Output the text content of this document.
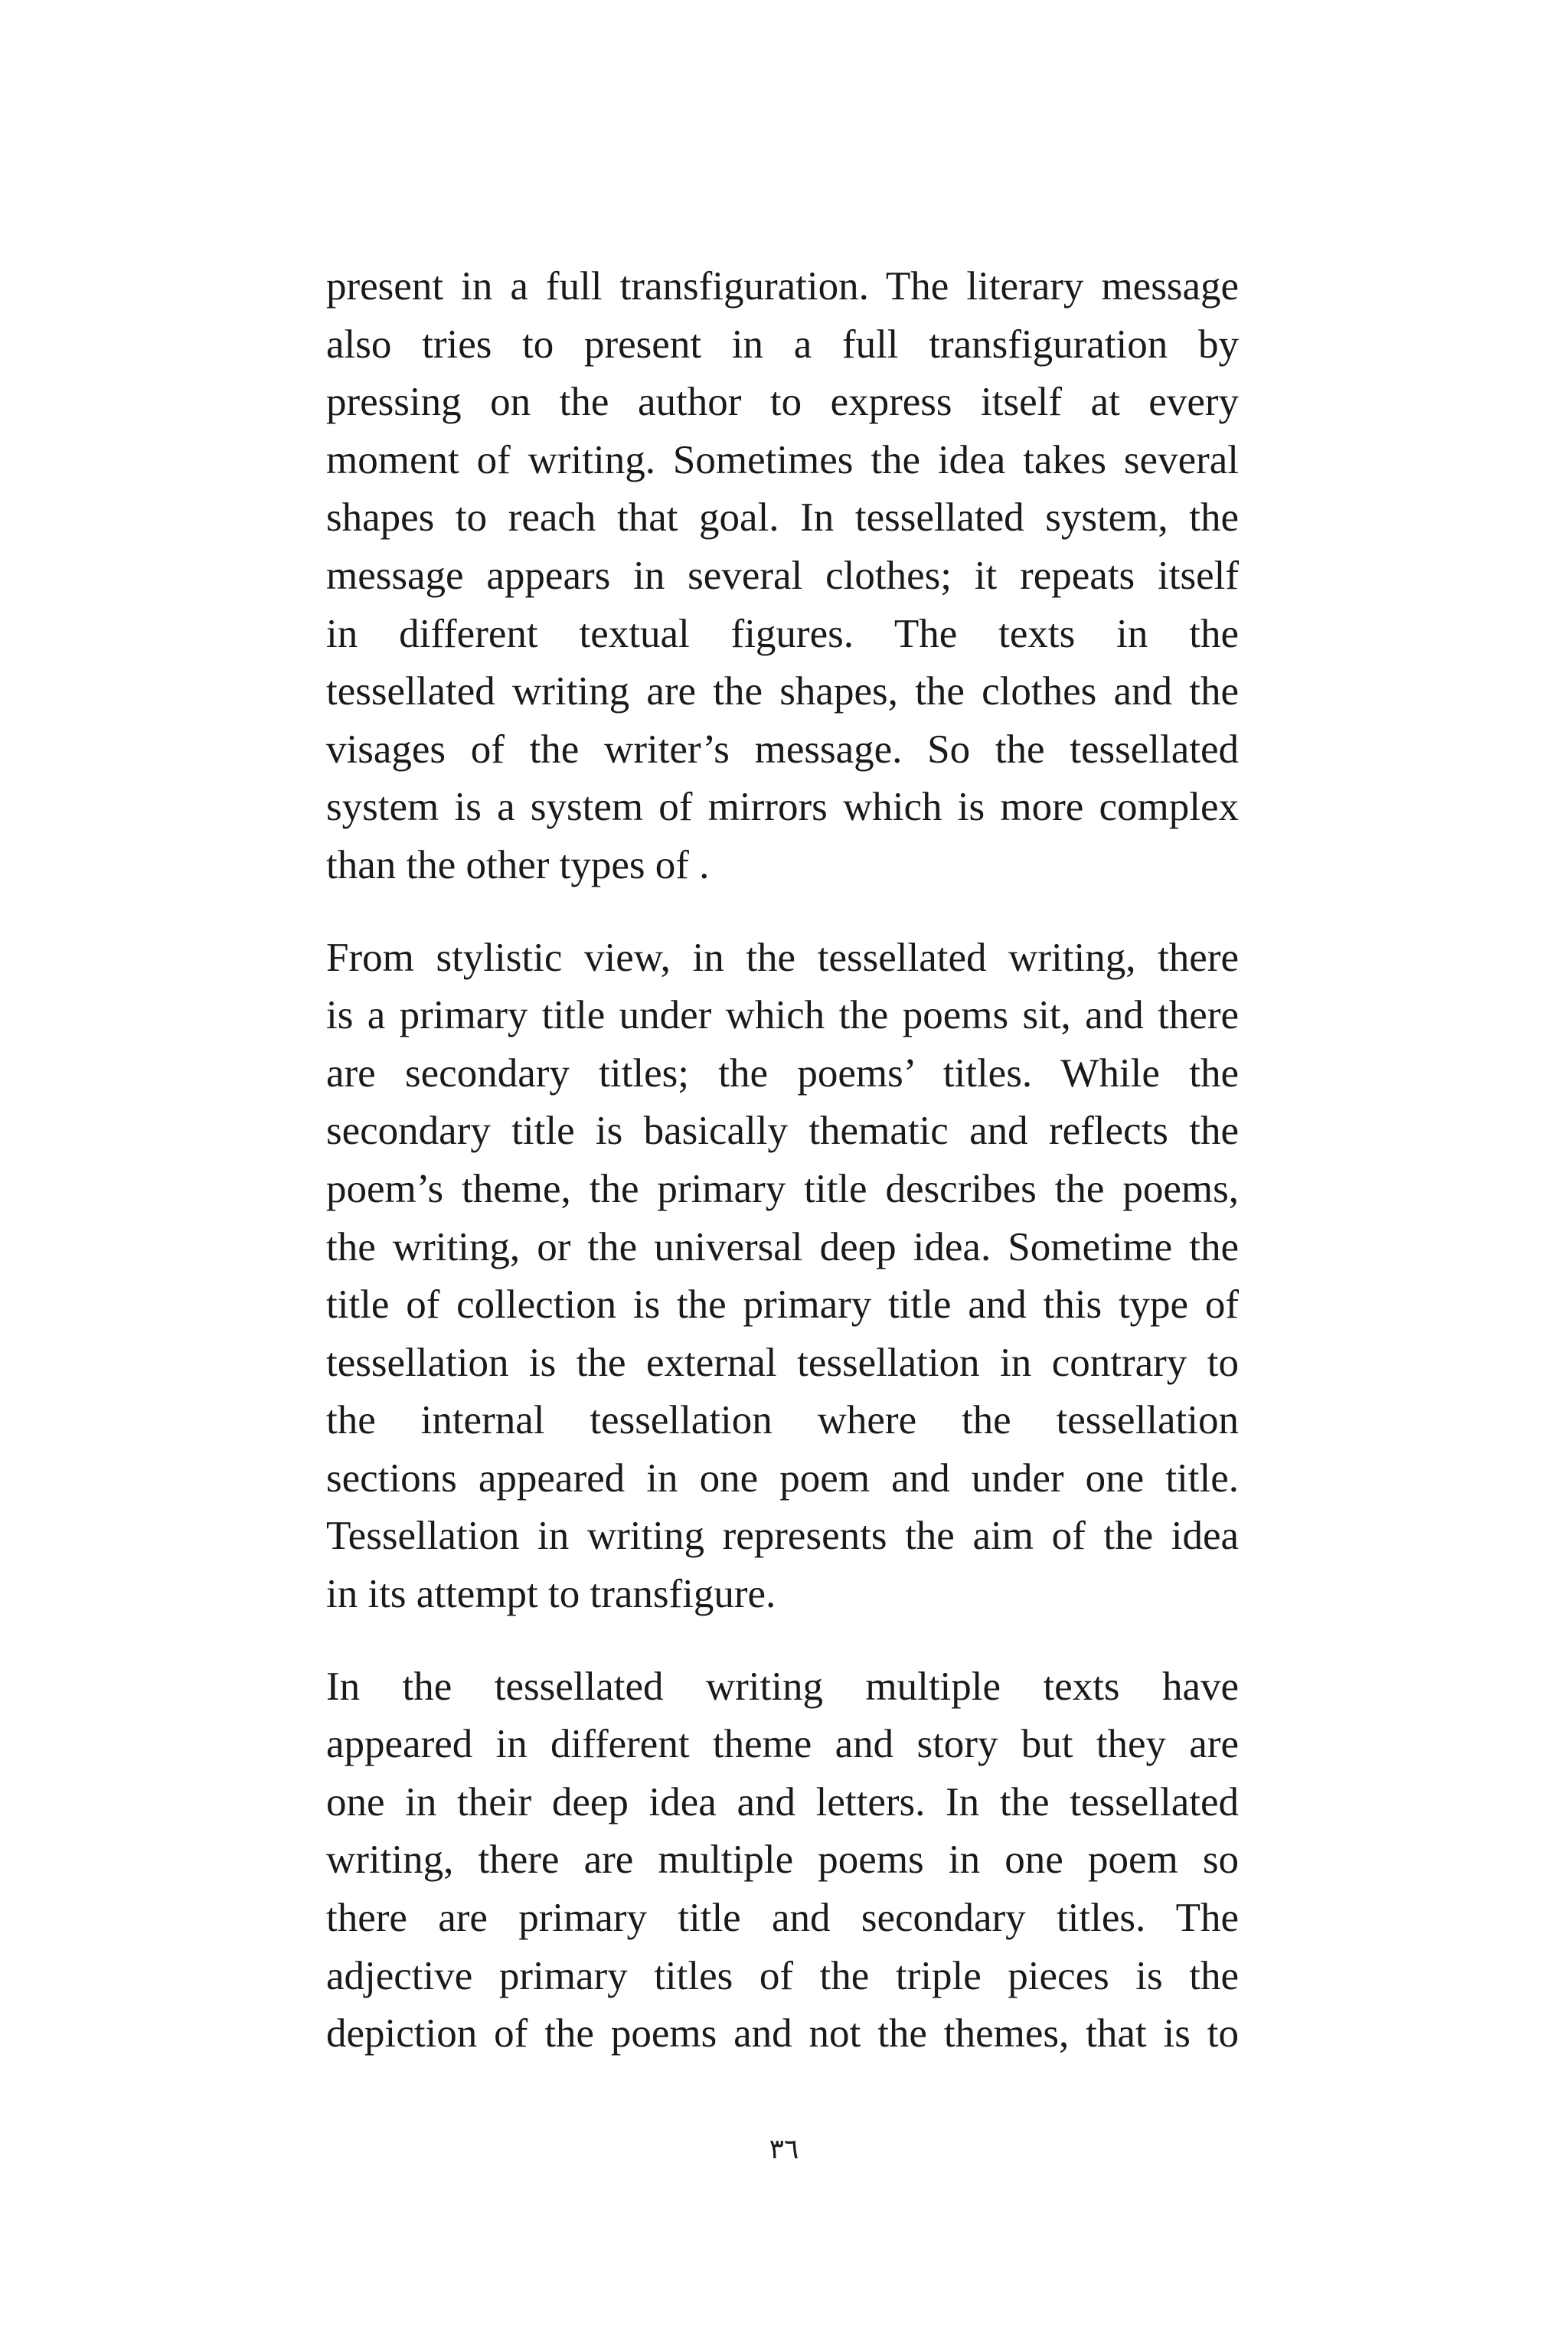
present in a full transfiguration. The literary message
also tries to present in a full transfiguration by
pressing on the author to express itself at every
moment of writing. Sometimes the idea takes several
shapes to reach that goal. In tessellated system, the
message appears in several clothes; it repeats itself
in different textual figures. The texts in the
tessellated writing are the shapes, the clothes and the
visages of the writer’s message. So the tessellated
system is a system of mirrors which is more complex
than the other types of .
From stylistic view, in the tessellated writing, there
is a primary title under which the poems sit, and there
are secondary titles; the poems’ titles. While the
secondary title is basically thematic and reflects the
poem’s theme, the primary title describes the poems,
the writing, or the universal deep idea. Sometime the
title of collection is the primary title and this type of
tessellation is the external tessellation in contrary to
the internal tessellation where the tessellation
sections appeared in one poem and under one title.
Tessellation in writing represents the aim of the idea
in its attempt to transfigure.
In the tessellated writing multiple texts have
appeared in different theme and story but they are
one in their deep idea and letters. In the tessellated
writing, there are multiple poems in one poem so
there are primary title and secondary titles. The
adjective primary titles of the triple pieces is the
depiction of the poems and not the themes, that is to
٣٦
